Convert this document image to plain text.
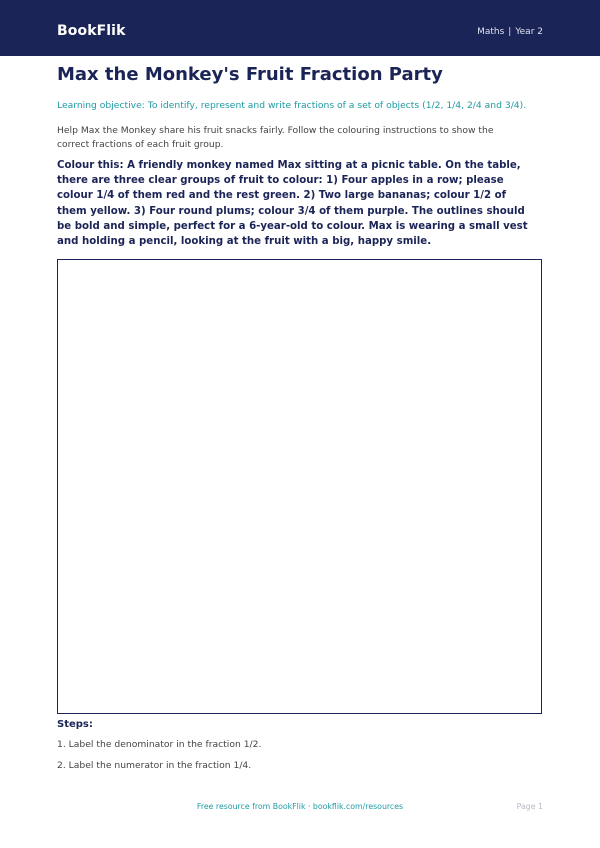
BookFlik	Maths | Year 2
Max the Monkey's Fruit Fraction Party

Learning objective: To identify, represent and write fractions of a set of objects (1/2, 1/4, 2/4 and 3/4).

Help Max the Monkey share his fruit snacks fairly. Follow the colouring instructions to show the correct fractions of each fruit group.

Colour this: A friendly monkey named Max sitting at a picnic table. On the table, there are three clear groups of fruit to colour: 1) Four apples in a row; please colour 1/4 of them red and the rest green. 2) Two large bananas; colour 1/2 of them yellow. 3) Four round plums; colour 3/4 of them purple. The outlines should be bold and simple, perfect for a 6-year-old to colour. Max is wearing a small vest and holding a pencil, looking at the fruit with a big, happy smile.

Steps:
1. Label the denominator in the fraction 1/2.
2. Label the numerator in the fraction 1/4.
Free resource from BookFlik · bookflik.com/resources	Page 1
